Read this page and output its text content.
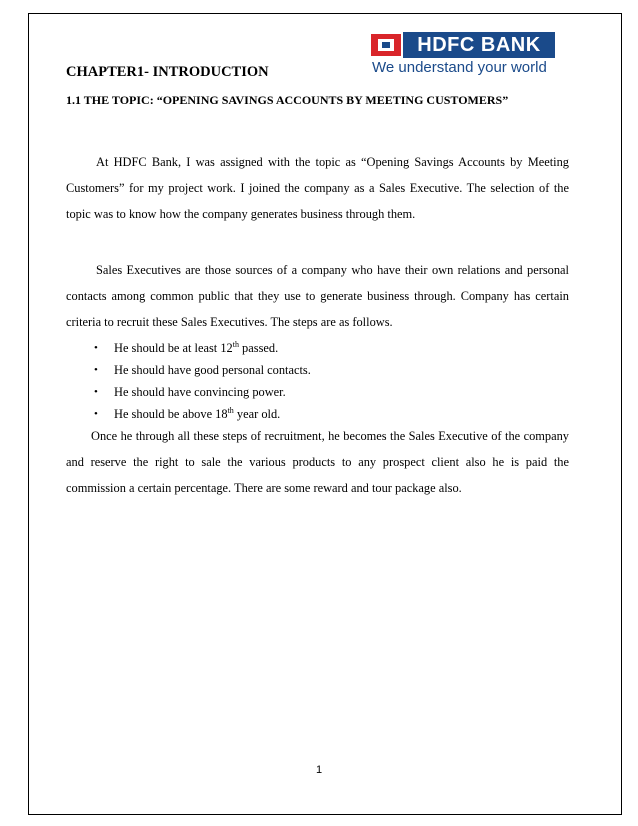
HDFC BANK
We understand your world
CHAPTER1- INTRODUCTION
1.1 THE TOPIC: “OPENING SAVINGS ACCOUNTS BY MEETING CUSTOMERS”

At HDFC Bank, I was assigned with the topic as “Opening Savings Accounts by Meeting Customers” for my project work. I joined the company as a Sales Executive. The selection of the topic was to know how the company generates business through them.

Sales Executives are those sources of a company who have their own relations and personal contacts among common public that they use to generate business through. Company has certain criteria to recruit these Sales Executives. The steps are as follows.

• He should be at least 12th passed.
• He should have good personal contacts.
• He should have convincing power.
• He should be above 18th year old.

Once he through all these steps of recruitment, he becomes the Sales Executive of the company and reserve the right to sale the various products to any prospect client also he is paid the commission a certain percentage. There are some reward and tour package also.

1
